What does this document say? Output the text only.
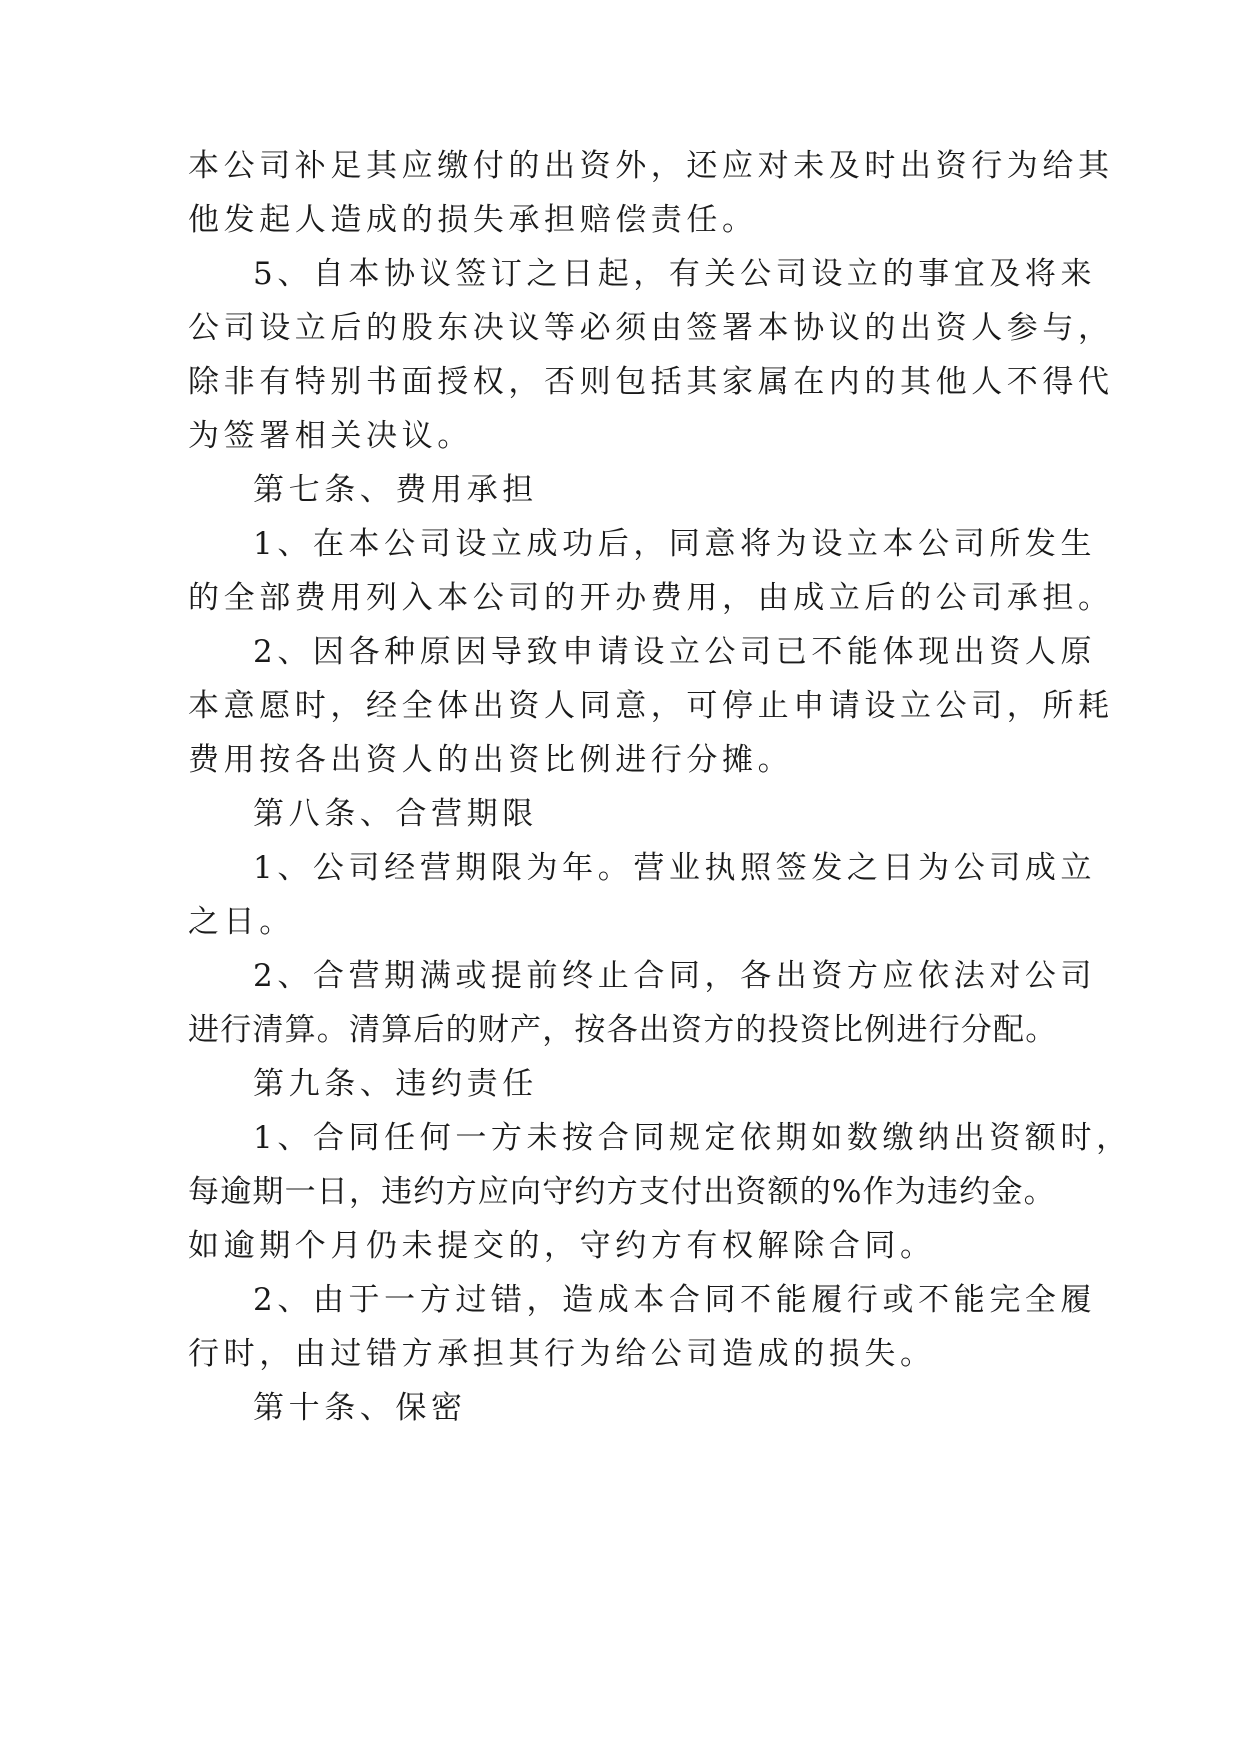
本公司补足其应缴付的出资外，还应对未及时出资行为给其
他发起人造成的损失承担赔偿责任。
5、自本协议签订之日起，有关公司设立的事宜及将来
公司设立后的股东决议等必须由签署本协议的出资人参与，
除非有特别书面授权，否则包括其家属在内的其他人不得代
为签署相关决议。
第七条、费用承担
1、在本公司设立成功后，同意将为设立本公司所发生
的全部费用列入本公司的开办费用，由成立后的公司承担。
2、因各种原因导致申请设立公司已不能体现出资人原
本意愿时，经全体出资人同意，可停止申请设立公司，所耗
费用按各出资人的出资比例进行分摊。
第八条、合营期限
1、公司经营期限为年。营业执照签发之日为公司成立
之日。
2、合营期满或提前终止合同，各出资方应依法对公司
进行清算。清算后的财产，按各出资方的投资比例进行分配。
第九条、违约责任
1、合同任何一方未按合同规定依期如数缴纳出资额时，
每逾期一日，违约方应向守约方支付出资额的%作为违约金。
如逾期个月仍未提交的，守约方有权解除合同。
2、由于一方过错，造成本合同不能履行或不能完全履
行时，由过错方承担其行为给公司造成的损失。
第十条、保密
